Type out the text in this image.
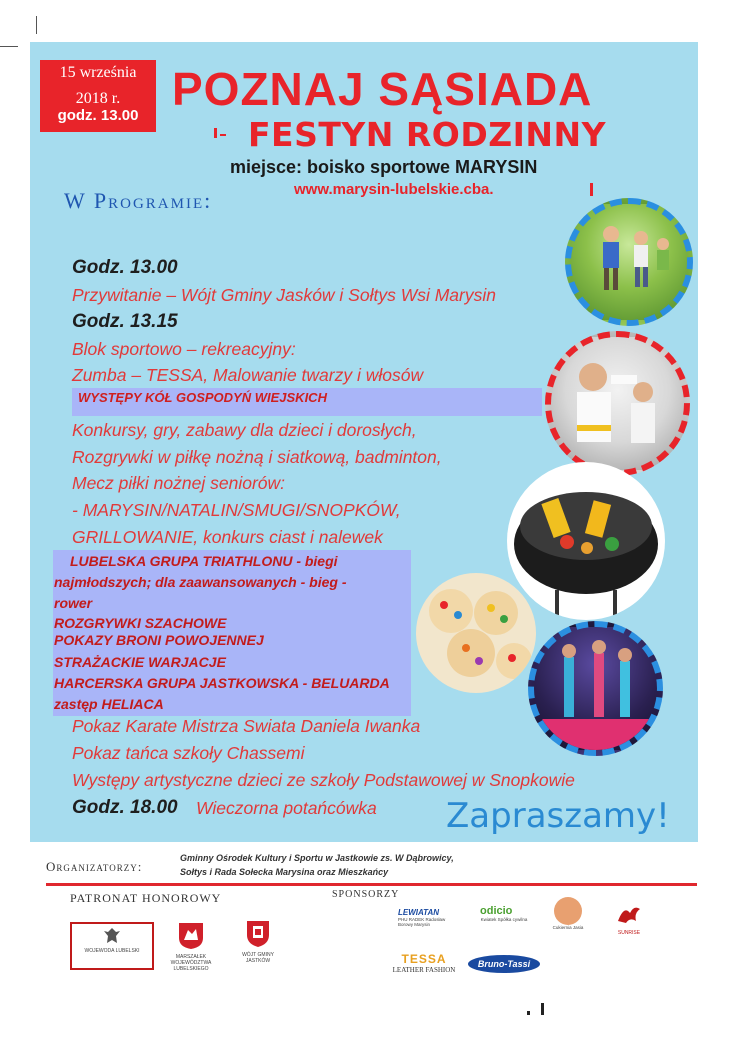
15 września
2018 r.
godz. 13.00
POZNAJ SĄSIADA
FESTYN RODZINNY
miejsce: boisko sportowe MARYSIN
www.marysin-lubelskie.cba.
W Programie:
Godz. 13.00
Przywitanie – Wójt Gminy Jasków i Sołtys Wsi Marysin
Godz. 13.15
Blok sportowo – rekreacyjny:
Zumba – TESSA, Malowanie twarzy i włosów
WYSTĘPY KÓŁ GOSPODYŃ WIEJSKICH
Konkursy, gry, zabawy dla dzieci i dorosłych,
Rozgrywki w piłkę nożną i siatkową, badminton,
Mecz piłki nożnej seniorów:
- MARYSIN/NATALIN/SMUGI/SNOPKÓW,
GRILLOWANIE, konkurs ciast i nalewek
LUBELSKA GRUPA TRIATHLONU - biegi
najmłodszych; dla zaawansowanych - bieg -
rower
ROZGRYWKI SZACHOWE
POKAZY BRONI POWOJENNEJ
STRAŻACKIE WARJACJE
HARCERSKA GRUPA JASTKOWSKA - BELUARDA
zastęp HELIACA
Pokaz Karate Mistrza Swiata Daniela Iwanka
Pokaz tańca szkoły Chassemi
Występy artystyczne dzieci ze szkoły Podstawowej w Snopkowie
Godz. 18.00 Wieczorna potańcówka Zapraszamy!
Organizatorzy:
Gminny Ośrodek Kultury i Sportu w Jastkowie zs. W Dąbrowicy,
Sołtys i Rada Sołecka Marysina oraz Mieszkańcy
PATRONAT HONOROWY	SPONSORZY
WOJEWODA LUBELSKI
MARSZAŁEK WOJEWÓDZTWA LUBELSKIEGO
WÓJT GMINY JASTKÓW
LEWIATAN
PHU RADEK Radosław Borowy Marysin
odicio
Kwiatek Spółka cywilna
Cukiernia Jasia
SUNRISE
TESSA
LEATHER FASHION
Bruno-Tassi
